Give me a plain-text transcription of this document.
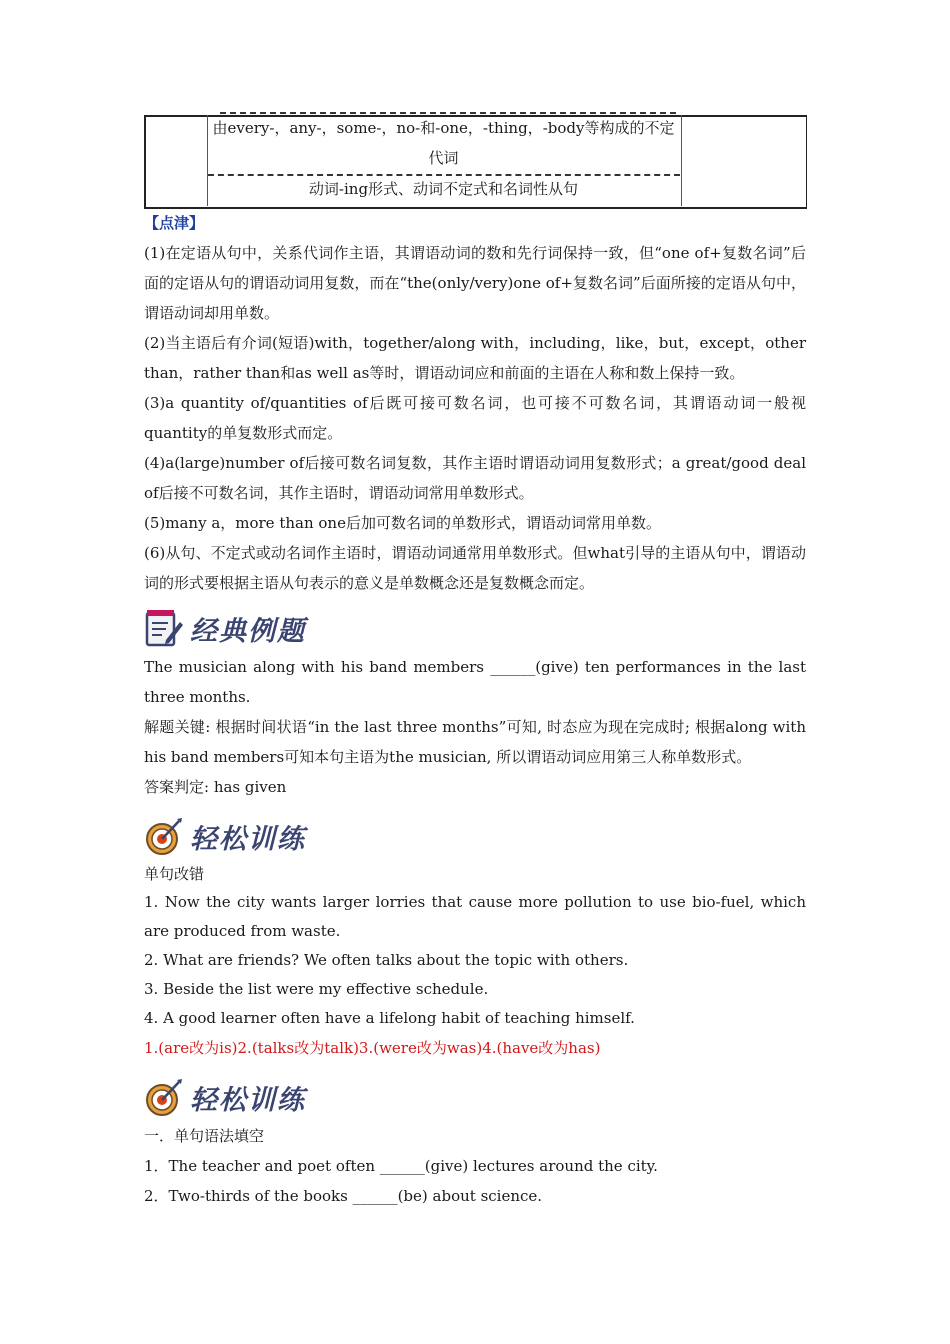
由every-，any-，some-，no-和-one，-thing，-body等构成的不定代词
动词-ing形式、动词不定式和名词性从句

【点津】

(1)在定语从句中，关系代词作主语，其谓语动词的数和先行词保持一致，但“one of+复数名词”后面的定语从句的谓语动词用复数，而在“the(only/very)one of+复数名词”后面所接的定语从句中，谓语动词却用单数。

(2)当主语后有介词(短语)with，together/along with，including，like，but，except，other than，rather than和as well as等时，谓语动词应和前面的主语在人称和数上保持一致。

(3)a quantity of/quantities of后既可接可数名词，也可接不可数名词，其谓语动词一般视quantity的单复数形式而定。

(4)a(large)number of后接可数名词复数，其作主语时谓语动词用复数形式；a great/good deal of后接不可数名词，其作主语时，谓语动词常用单数形式。

(5)many a，more than one后加可数名词的单数形式，谓语动词常用单数。

(6)从句、不定式或动名词作主语时，谓语动词通常用单数形式。但what引导的主语从句中，谓语动词的形式要根据主语从句表示的意义是单数概念还是复数概念而定。

经典例题

The musician along with his band members ______(give) ten performances in the last three months.

解题关键: 根据时间状语“in the last three months”可知, 时态应为现在完成时; 根据along with his band members可知本句主语为the musician, 所以谓语动词应用第三人称单数形式。

答案判定: has given

轻松训练

单句改错

1. Now the city wants larger lorries that cause more pollution to use bio-fuel, which are produced from waste.

2. What are friends? We often talks about the topic with others.

3. Beside the list were my effective schedule.

4. A good learner often have a lifelong habit of teaching himself.

1.(are改为is)2.(talks改为talk)3.(were改为was)4.(have改为has)

轻松训练

一．单句语法填空

1．The teacher and poet often ______(give) lectures around the city.

2．Two-thirds of the books ______(be) about science.
